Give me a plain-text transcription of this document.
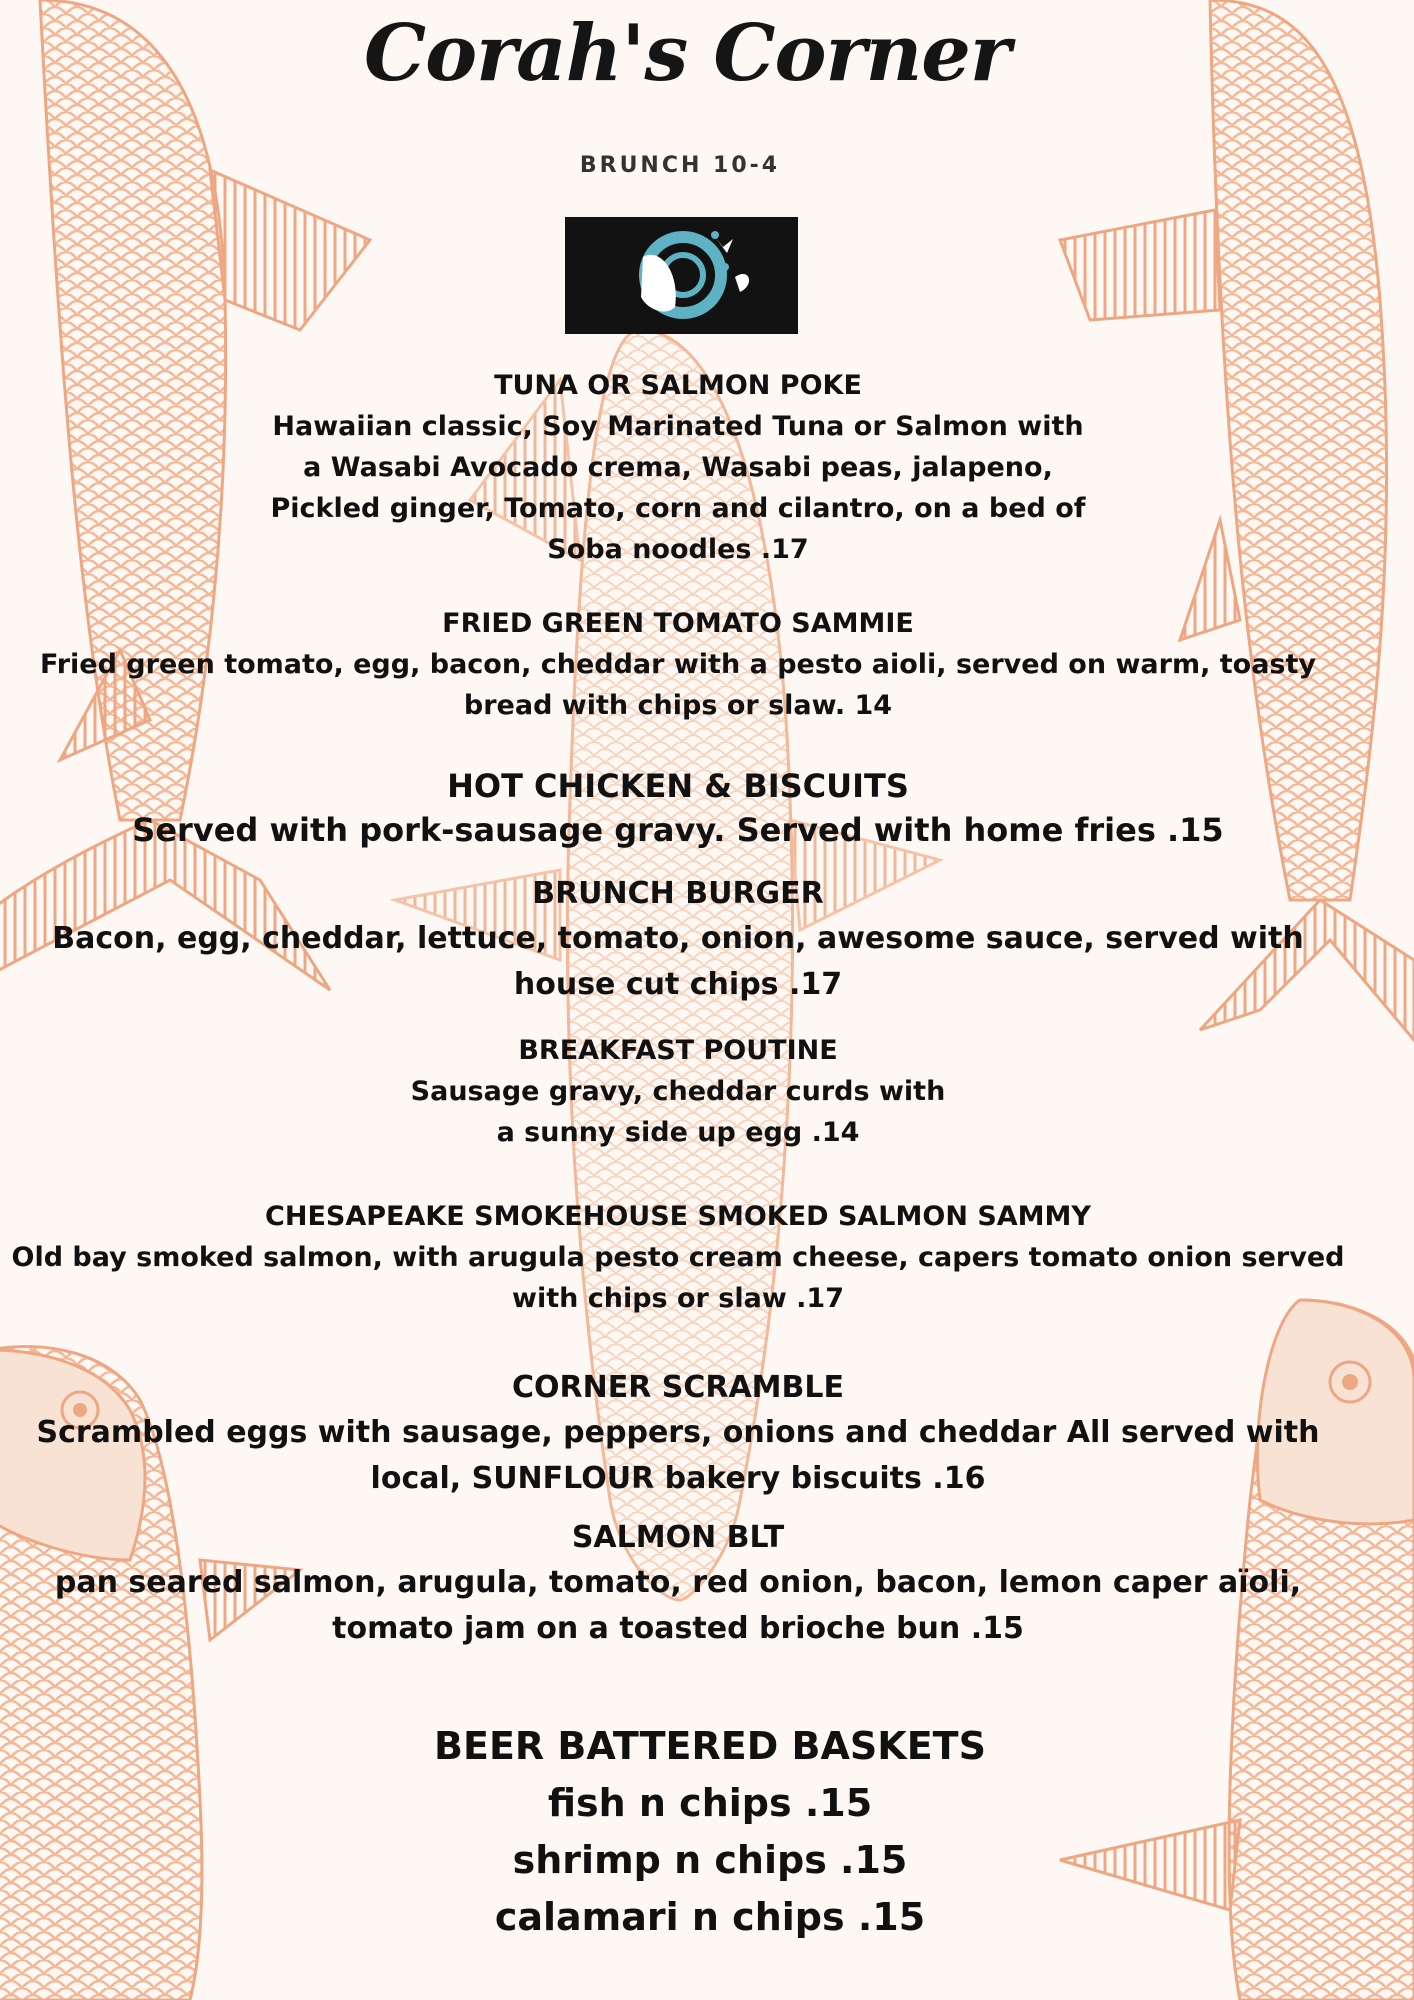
Corah's Corner
BRUNCH 10-4
TUNA OR SALMON POKE
Hawaiian classic, Soy Marinated Tuna or Salmon with a Wasabi Avocado crema, Wasabi peas, jalapeno, Pickled ginger, Tomato, corn and cilantro, on a bed of Soba noodles .17
FRIED GREEN TOMATO SAMMIE
Fried green tomato, egg, bacon, cheddar with a pesto aioli, served on warm, toasty bread with chips or slaw. 14
HOT CHICKEN & BISCUITS
Served with pork-sausage gravy. Served with home fries .15
BRUNCH BURGER
Bacon, egg, cheddar, lettuce, tomato, onion, awesome sauce, served with house cut chips .17
BREAKFAST POUTINE
Sausage gravy, cheddar curds with a sunny side up egg .14
CHESAPEAKE SMOKEHOUSE SMOKED SALMON SAMMY
Old bay smoked salmon, with arugula pesto cream cheese, capers tomato onion served with chips or slaw .17
CORNER SCRAMBLE
Scrambled eggs with sausage, peppers, onions and cheddar All served with local, SUNFLOUR bakery biscuits .16
SALMON BLT
pan seared salmon, arugula, tomato, red onion, bacon, lemon caper aïoli, tomato jam on a toasted brioche bun .15
BEER BATTERED BASKETS
fish n chips .15
shrimp n chips .15
calamari n chips .15
